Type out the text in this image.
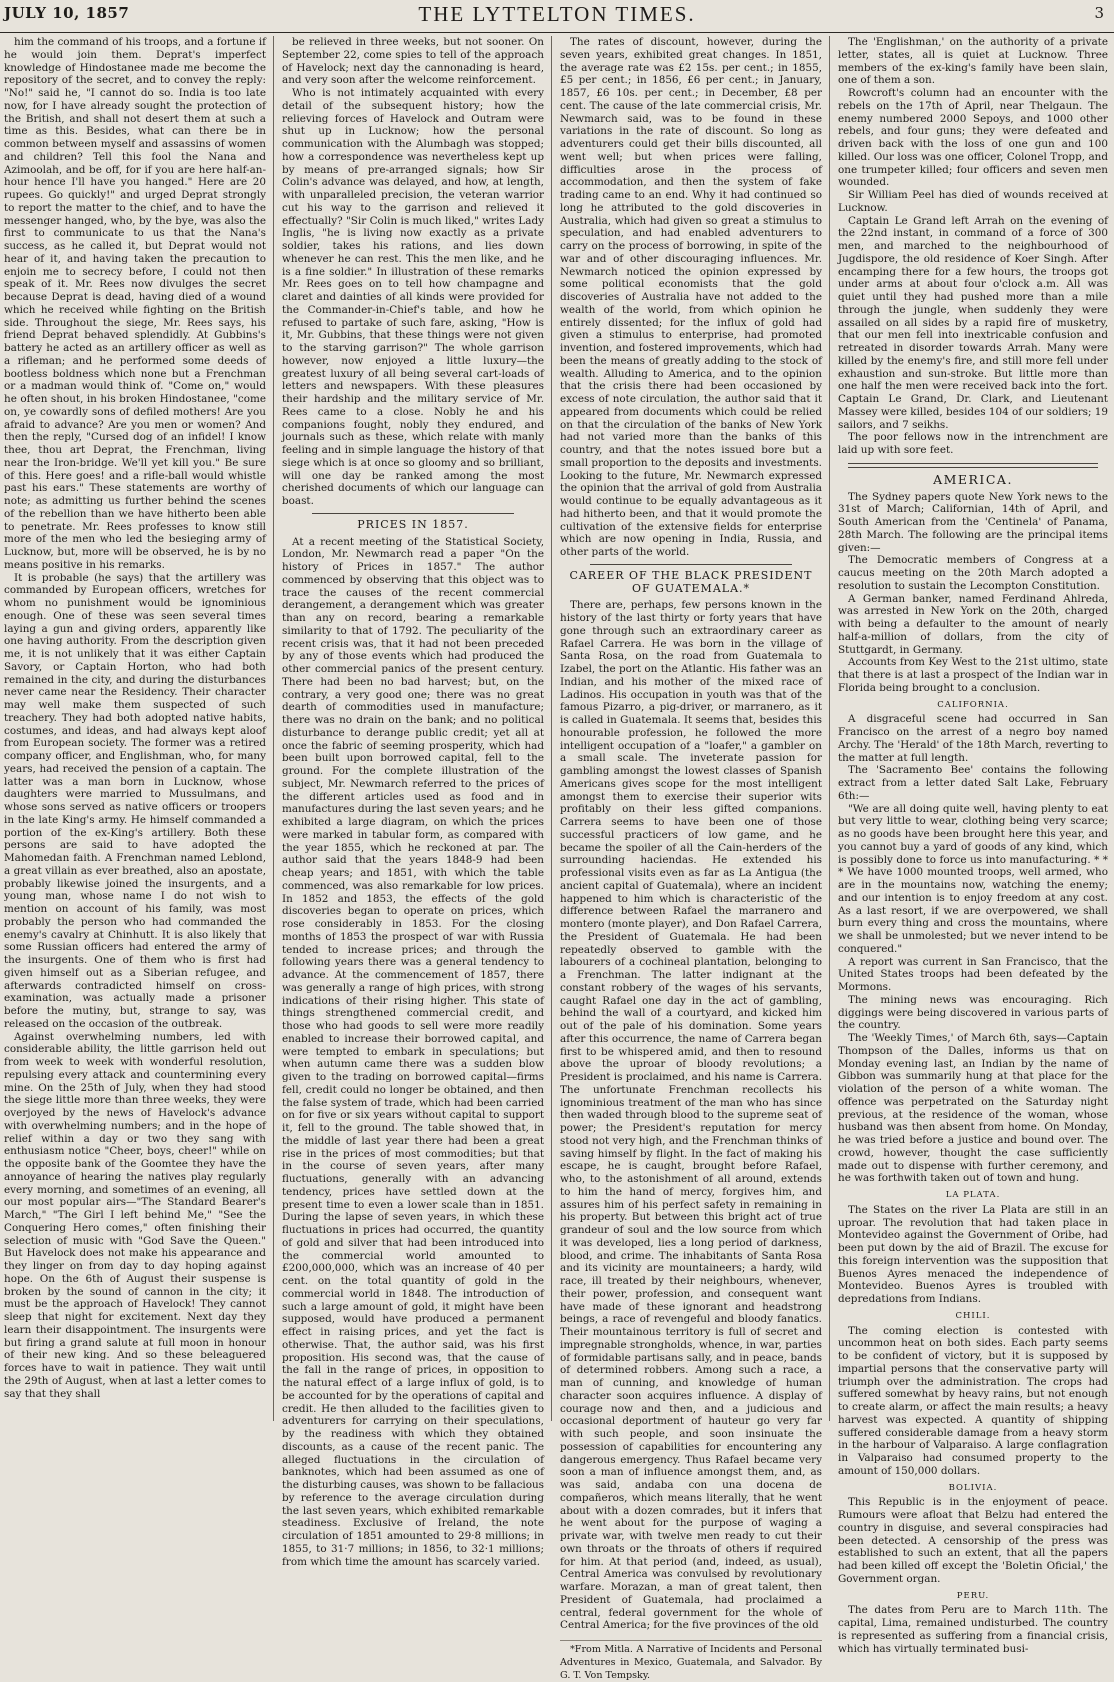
JULY 10, 1857	THE LYTTELTON TIMES.	3

him the command of his troops, and a fortune if he would join them. Deprat's imperfect knowledge of Hindostanee made me become the repository of the secret, and to convey the reply: "No!" said he, "I cannot do so. India is too late now, for I have already sought the protection of the British, and shall not desert them at such a time as this. Besides, what can there be in common between myself and assassins of women and children? Tell this fool the Nana and Azimoolah, and be off, for if you are here half-an-hour hence I'll have you hanged." Here are 20 rupees. Go quickly!" and urged Deprat strongly to report the matter to the chief, and to have the messenger hanged, who, by the bye, was also the first to communicate to us that the Nana's success, as he called it, but Deprat would not hear of it, and having taken the precaution to enjoin me to secrecy before, I could not then speak of it. Mr. Rees now divulges the secret because Deprat is dead, having died of a wound which he received while fighting on the British side. Throughout the siege, Mr. Rees says, his friend Deprat behaved splendidly. At Gubbins's battery he acted as an artillery officer as well as a rifleman; and he performed some deeds of bootless boldness which none but a Frenchman or a madman would think of. "Come on," would he often shout, in his broken Hindostanee, "come on, ye cowardly sons of defiled mothers! Are you afraid to advance? Are you men or women? And then the reply, "Cursed dog of an infidel! I know thee, thou art Deprat, the Frenchman, living near the Iron-bridge. We'll yet kill you." Be sure of this. Here goes! and a rifle-ball would whistle past his ears." These statements are worthy of note; as admitting us further behind the scenes of the rebellion than we have hitherto been able to penetrate. Mr. Rees professes to know still more of the men who led the besieging army of Lucknow, but, more will be observed, he is by no means positive in his remarks.

It is probable (he says) that the artillery was commanded by European officers, wretches for whom no punishment would be ignominious enough. One of these was seen several times laying a gun and giving orders, apparently like one having authority. From the description given me, it is not unlikely that it was either Captain Savory, or Captain Horton, who had both remained in the city, and during the disturbances never came near the Residency. Their character may well make them suspected of such treachery. They had both adopted native habits, costumes, and ideas, and had always kept aloof from European society. The former was a retired company officer, and Englishman, who, for many years, had received the pension of a captain. The latter was a man born in Lucknow, whose daughters were married to Mussulmans, and whose sons served as native officers or troopers in the late King's army. He himself commanded a portion of the ex-King's artillery. Both these persons are said to have adopted the Mahomedan faith. A Frenchman named Leblond, a great villain as ever breathed, also an apostate, probably likewise joined the insurgents, and a young man, whose name I do not wish to mention on account of his family, was most probably the person who had commanded the enemy's cavalry at Chinhutt. It is also likely that some Russian officers had entered the army of the insurgents. One of them who is first had given himself out as a Siberian refugee, and afterwards contradicted himself on cross-examination, was actually made a prisoner before the mutiny, but, strange to say, was released on the occasion of the outbreak.

Against overwhelming numbers, led with considerable ability, the little garrison held out from week to week with wonderful resolution, repulsing every attack and countermining every mine. On the 25th of July, when they had stood the siege little more than three weeks, they were overjoyed by the news of Havelock's advance with overwhelming numbers; and in the hope of relief within a day or two they sang with enthusiasm notice "Cheer, boys, cheer!" while on the opposite bank of the Goomtee they have the annoyance of hearing the natives play regularly every morning, and sometimes of an evening, all our most popular airs—"The Standard Bearer's March," "The Girl I left behind Me," "See the Conquering Hero comes," often finishing their selection of music with "God Save the Queen." But Havelock does not make his appearance and they linger on from day to day hoping against hope. On the 6th of August their suspense is broken by the sound of cannon in the city; it must be the approach of Havelock! They cannot sleep that night for excitement. Next day they learn their disappointment. The insurgents were but firing a grand salute at full moon in honour of their new king. And so these beleaguered forces have to wait in patience. They wait until the 29th of August, when at last a letter comes to say that they shall

be relieved in three weeks, but not sooner. On September 22, come spies to tell of the approach of Havelock; next day the cannonading is heard, and very soon after the welcome reinforcement.

Who is not intimately acquainted with every detail of the subsequent history; how the relieving forces of Havelock and Outram were shut up in Lucknow; how the personal communication with the Alumbagh was stopped; how a correspondence was nevertheless kept up by means of pre-arranged signals; how Sir Colin's advance was delayed, and how, at length, with unparalleled precision, the veteran warrior cut his way to the garrison and relieved it effectually? "Sir Colin is much liked," writes Lady Inglis, "he is living now exactly as a private soldier, takes his rations, and lies down whenever he can rest. This the men like, and he is a fine soldier." In illustration of these remarks Mr. Rees goes on to tell how champagne and claret and dainties of all kinds were provided for the Commander-in-Chief's table, and how he refused to partake of such fare, asking, "How is it, Mr. Gubbins, that these things were not given to the starving garrison?" The whole garrison however, now enjoyed a little luxury—the greatest luxury of all being several cart-loads of letters and newspapers. With these pleasures their hardship and the military service of Mr. Rees came to a close. Nobly he and his companions fought, nobly they endured, and journals such as these, which relate with manly feeling and in simple language the history of that siege which is at once so gloomy and so brilliant, will one day be ranked among the most cherished documents of which our language can boast.

PRICES IN 1857.

At a recent meeting of the Statistical Society, London, Mr. Newmarch read a paper "On the history of Prices in 1857." The author commenced by observing that this object was to trace the causes of the recent commercial derangement, a derangement which was greater than any on record, bearing a remarkable similarity to that of 1792. The peculiarity of the recent crisis was, that it had not been preceded by any of those events which had produced the other commercial panics of the present century. There had been no bad harvest; but, on the contrary, a very good one; there was no great dearth of commodities used in manufacture; there was no drain on the bank; and no political disturbance to derange public credit; yet all at once the fabric of seeming prosperity, which had been built upon borrowed capital, fell to the ground. For the complete illustration of the subject, Mr. Newmarch referred to the prices of the different articles used as food and in manufactures during the last seven years; and he exhibited a large diagram, on which the prices were marked in tabular form, as compared with the year 1855, which he reckoned at par. The author said that the years 1848-9 had been cheap years; and 1851, with which the table commenced, was also remarkable for low prices. In 1852 and 1853, the effects of the gold discoveries began to operate on prices, which rose considerably in 1853. For the closing months of 1853 the prospect of war with Russia tended to increase prices; and through the following years there was a general tendency to advance. At the commencement of 1857, there was generally a range of high prices, with strong indications of their rising higher. This state of things strengthened commercial credit, and those who had goods to sell were more readily enabled to increase their borrowed capital, and were tempted to embark in speculations; but when autumn came there was a sudden blow given to the trading on borrowed capital—firms fell, credit could no longer be obtained, and then the false system of trade, which had been carried on for five or six years without capital to support it, fell to the ground. The table showed that, in the middle of last year there had been a great rise in the prices of most commodities; but that in the course of seven years, after many fluctuations, generally with an advancing tendency, prices have settled down at the present time to even a lower scale than in 1851. During the lapse of seven years, in which these fluctuations in prices had occurred, the quantity of gold and silver that had been introduced into the commercial world amounted to £200,000,000, which was an increase of 40 per cent. on the total quantity of gold in the commercial world in 1848. The introduction of such a large amount of gold, it might have been supposed, would have produced a permanent effect in raising prices, and yet the fact is otherwise. That, the author said, was his first proposition. His second was, that the cause of the fall in the range of prices, in opposition to the natural effect of a large influx of gold, is to be accounted for by the operations of capital and credit. He then alluded to the facilities given to adventurers for carrying on their speculations, by the readiness with which they obtained discounts, as a cause of the recent panic. The alleged fluctuations in the circulation of banknotes, which had been assumed as one of the disturbing causes, was shown to be fallacious by reference to the average circulation during the last seven years, which exhibited remarkable steadiness. Exclusive of Ireland, the note circulation of 1851 amounted to 29·8 millions; in 1855, to 31·7 millions; in 1856, to 32·1 millions; from which time the amount has scarcely varied.

The rates of discount, however, during the seven years, exhibited great changes. In 1851, the average rate was £2 15s. per cent.; in 1855, £5 per cent.; in 1856, £6 per cent.; in January, 1857, £6 10s. per cent.; in December, £8 per cent. The cause of the late commercial crisis, Mr. Newmarch said, was to be found in these variations in the rate of discount. So long as adventurers could get their bills discounted, all went well; but when prices were falling, difficulties arose in the process of accommodation, and then the system of fake trading came to an end. Why it had continued so long he attributed to the gold discoveries in Australia, which had given so great a stimulus to speculation, and had enabled adventurers to carry on the process of borrowing, in spite of the war and of other discouraging influences. Mr. Newmarch noticed the opinion expressed by some political economists that the gold discoveries of Australia have not added to the wealth of the world, from which opinion he entirely dissented; for the influx of gold had given a stimulus to enterprise, had promoted invention, and fostered improvements, which had been the means of greatly adding to the stock of wealth. Alluding to America, and to the opinion that the crisis there had been occasioned by excess of note circulation, the author said that it appeared from documents which could be relied on that the circulation of the banks of New York had not varied more than the banks of this country, and that the notes issued bore but a small proportion to the deposits and investments. Looking to the future, Mr. Newmarch expressed the opinion that the arrival of gold from Australia would continue to be equally advantageous as it had hitherto been, and that it would promote the cultivation of the extensive fields for enterprise which are now opening in India, Russia, and other parts of the world.

CAREER OF THE BLACK PRESIDENT OF GUATEMALA.*

There are, perhaps, few persons known in the history of the last thirty or forty years that have gone through such an extraordinary career as Rafael Carrera. He was born in the village of Santa Rosa, on the road from Guatemala to Izabel, the port on the Atlantic. His father was an Indian, and his mother of the mixed race of Ladinos. His occupation in youth was that of the famous Pizarro, a pig-driver, or marranero, as it is called in Guatemala. It seems that, besides this honourable profession, he followed the more intelligent occupation of a "loafer," a gambler on a small scale. The inveterate passion for gambling amongst the lowest classes of Spanish Americans gives scope for the most intelligent amongst them to exercise their superior wits profitably on their less gifted companions. Carrera seems to have been one of those successful practicers of low game, and he became the spoiler of all the Cain-herders of the surrounding haciendas. He extended his professional visits even as far as La Antigua (the ancient capital of Guatemala), where an incident happened to him which is characteristic of the difference between Rafael the marranero and montero (monte player), and Don Rafael Carrera, the President of Guatemala. He had been repeatedly observed to gamble with the labourers of a cochineal plantation, belonging to a Frenchman. The latter indignant at the constant robbery of the wages of his servants, caught Rafael one day in the act of gambling, behind the wall of a courtyard, and kicked him out of the pale of his domination. Some years after this occurrence, the name of Carrera began first to be whispered amid, and then to resound above the uproar of bloody revolutions; a President is proclaimed, and his name is Carrera. The unfortunate Frenchman recollects his ignominious treatment of the man who has since then waded through blood to the supreme seat of power; the President's reputation for mercy stood not very high, and the Frenchman thinks of saving himself by flight. In the fact of making his escape, he is caught, brought before Rafael, who, to the astonishment of all around, extends to him the hand of mercy, forgives him, and assures him of his perfect safety in remaining in his property. But between this bright act of true grandeur of soul and the low source from which it was developed, lies a long period of darkness, blood, and crime. The inhabitants of Santa Rosa and its vicinity are mountaineers; a hardy, wild race, ill treated by their neighbours, whenever, their power, profession, and consequent want have made of these ignorant and headstrong beings, a race of revengeful and bloody fanatics. Their mountainous territory is full of secret and impregnable strongholds, whence, in war, parties of formidable partisans sally, and in peace, bands of determined robbers. Among such a race, a man of cunning, and knowledge of human character soon acquires influence. A display of courage now and then, and a judicious and occasional deportment of hauteur go very far with such people, and soon insinuate the possession of capabilities for encountering any dangerous emergency. Thus Rafael became very soon a man of influence amongst them, and, as was said, andaba con una docena de compañeros, which means literally, that he went about with a dozen comrades, but it infers that he went about for the purpose of waging a private war, with twelve men ready to cut their own throats or the throats of others if required for him. At that period (and, indeed, as usual), Central America was convulsed by revolutionary warfare. Morazan, a man of great talent, then President of Guatemala, had proclaimed a central, federal government for the whole of Central America; for the five provinces of the old

*From Mitla. A Narrative of Incidents and Personal Adventures in Mexico, Guatemala, and Salvador. By G. T. Von Tempsky.

The 'Englishman,' on the authority of a private letter, states, all is quiet at Lucknow. Three members of the ex-king's family have been slain, one of them a son.

Rowcroft's column had an encounter with the rebels on the 17th of April, near Thelgaun. The enemy numbered 2000 Sepoys, and 1000 other rebels, and four guns; they were defeated and driven back with the loss of one gun and 100 killed. Our loss was one officer, Colonel Tropp, and one trumpeter killed; four officers and seven men wounded.

Sir William Peel has died of wounds received at Lucknow.

Captain Le Grand left Arrah on the evening of the 22nd instant, in command of a force of 300 men, and marched to the neighbourhood of Jugdispore, the old residence of Koer Singh. After encamping there for a few hours, the troops got under arms at about four o'clock a.m. All was quiet until they had pushed more than a mile through the jungle, when suddenly they were assailed on all sides by a rapid fire of musketry, that our men fell into inextricable confusion and retreated in disorder towards Arrah. Many were killed by the enemy's fire, and still more fell under exhaustion and sun-stroke. But little more than one half the men were received back into the fort. Captain Le Grand, Dr. Clark, and Lieutenant Massey were killed, besides 104 of our soldiers; 19 sailors, and 7 seikhs.

The poor fellows now in the intrenchment are laid up with sore feet.

AMERICA.

The Sydney papers quote New York news to the 31st of March; Californian, 14th of April, and South American from the 'Centinela' of Panama, 28th March. The following are the principal items given:—

The Democratic members of Congress at a caucus meeting on the 20th March adopted a resolution to sustain the Lecompton Constitution.

A German banker, named Ferdinand Ahlreda, was arrested in New York on the 20th, charged with being a defaulter to the amount of nearly half-a-million of dollars, from the city of Stuttgardt, in Germany.

Accounts from Key West to the 21st ultimo, state that there is at last a prospect of the Indian war in Florida being brought to a conclusion.

CALIFORNIA.

A disgraceful scene had occurred in San Francisco on the arrest of a negro boy named Archy. The 'Herald' of the 18th March, reverting to the matter at full length.

The 'Sacramento Bee' contains the following extract from a letter dated Salt Lake, February 6th:—

"We are all doing quite well, having plenty to eat but very little to wear, clothing being very scarce; as no goods have been brought here this year, and you cannot buy a yard of goods of any kind, which is possibly done to force us into manufacturing. * * * We have 1000 mounted troops, well armed, who are in the mountains now, watching the enemy; and our intention is to enjoy freedom at any cost. As a last resort, if we are overpowered, we shall burn every thing and cross the mountains, where we shall be unmolested; but we never intend to be conquered."

A report was current in San Francisco, that the United States troops had been defeated by the Mormons.

The mining news was encouraging. Rich diggings were being discovered in various parts of the country.

The 'Weekly Times,' of March 6th, says—Captain Thompson of the Dalles, informs us that on Monday evening last, an Indian by the name of Gibbon was summarily hung at that place for the violation of the person of a white woman. The offence was perpetrated on the Saturday night previous, at the residence of the woman, whose husband was then absent from home. On Monday, he was tried before a justice and bound over. The crowd, however, thought the case sufficiently made out to dispense with further ceremony, and he was forthwith taken out of town and hung.

LA PLATA.

The States on the river La Plata are still in an uproar. The revolution that had taken place in Montevideo against the Government of Oribe, had been put down by the aid of Brazil. The excuse for this foreign intervention was the supposition that Buenos Ayres menaced the independence of Montevideo. Buenos Ayres is troubled with depredations from Indians.

CHILI.

The coming election is contested with uncommon heat on both sides. Each party seems to be confident of victory, but it is supposed by impartial persons that the conservative party will triumph over the administration. The crops had suffered somewhat by heavy rains, but not enough to create alarm, or affect the main results; a heavy harvest was expected. A quantity of shipping suffered considerable damage from a heavy storm in the harbour of Valparaiso. A large conflagration in Valparaiso had consumed property to the amount of 150,000 dollars.

BOLIVIA.

This Republic is in the enjoyment of peace. Rumours were afloat that Belzu had entered the country in disguise, and several conspiracies had been detected. A censorship of the press was established to such an extent, that all the papers had been killed off except the 'Boletin Oficial,' the Government organ.

PERU.

The dates from Peru are to March 11th. The capital, Lima, remained undisturbed. The country is represented as suffering from a financial crisis, which has virtually terminated busi-
